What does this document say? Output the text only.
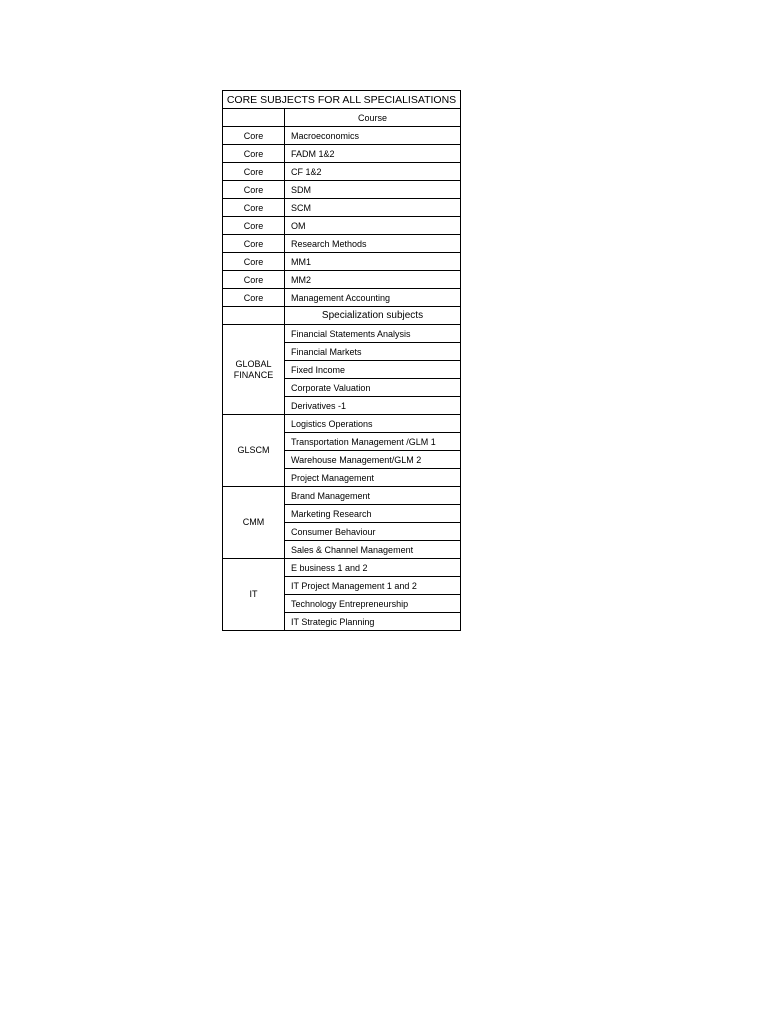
CORE SUBJECTS FOR ALL SPECIALISATIONS	
	Course
Core	Macroeconomics
Core	FADM 1&2
Core	CF 1&2
Core	SDM
Core	SCM
Core	OM
Core	Research Methods
Core	MM1
Core	MM2
Core	Management Accounting
	Specialization subjects
GLOBAL FINANCE	Financial Statements Analysis
	Financial Markets
	Fixed Income
	Corporate Valuation
	Derivatives -1
GLSCM	Logistics Operations
	Transportation Management /GLM 1
	Warehouse Management/GLM 2
	Project Management
CMM	Brand Management
	Marketing Research
	Consumer Behaviour
	Sales & Channel Management
IT	E business 1 and 2
	IT Project Management 1 and 2
	Technology Entrepreneurship
	IT Strategic Planning
